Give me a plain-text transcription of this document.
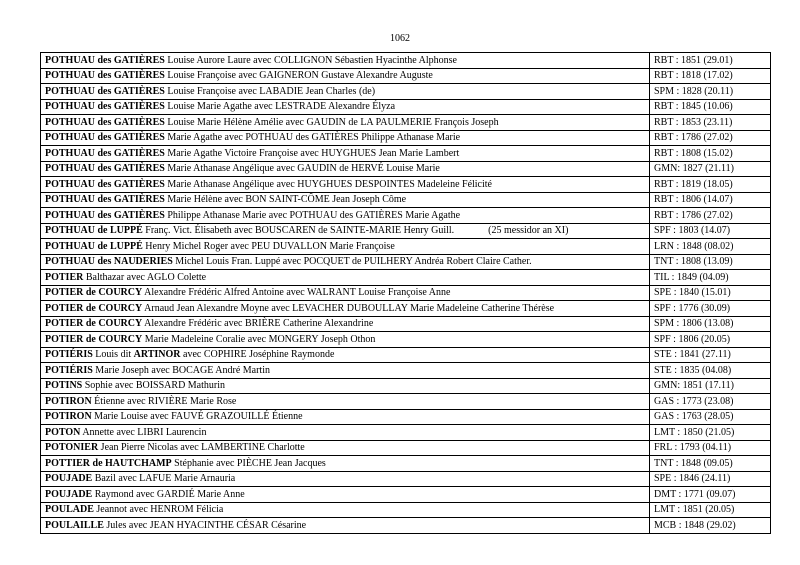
1062
POTHUAU des GATIÈRES Louise Aurore Laure avec COLLIGNON Sébastien Hyacinthe Alphonse	RBT : 1851 (29.01)
POTHUAU des GATIÈRES Louise Françoise avec GAIGNERON Gustave Alexandre Auguste	RBT : 1818 (17.02)
POTHUAU des GATIÈRES Louise Françoise avec LABADIE Jean Charles (de)	SPM : 1828 (20.11)
POTHUAU des GATIÈRES Louise Marie Agathe avec LESTRADE Alexandre Élyza	RBT : 1845 (10.06)
POTHUAU des GATIÈRES Louise Marie Hélène Amélie avec GAUDIN de LA PAULMERIE François Joseph	RBT : 1853 (23.11)
POTHUAU des GATIÈRES Marie Agathe avec POTHUAU des GATIÈRES Philippe Athanase Marie	RBT : 1786 (27.02)
POTHUAU des GATIÈRES Marie Agathe Victoire Françoise avec HUYGHUES Jean Marie Lambert	RBT : 1808 (15.02)
POTHUAU des GATIÈRES Marie Athanase Angélique avec GAUDIN de HERVÉ Louise Marie	GMN: 1827 (21.11)
POTHUAU des GATIÈRES Marie Athanase Angélique avec HUYGHUES DESPOINTES Madeleine Félicité	RBT : 1819 (18.05)
POTHUAU des GATIÈRES Marie Hélène avec BON SAINT-CÔME Jean Joseph Côme	RBT : 1806 (14.07)
POTHUAU des GATIÈRES Philippe Athanase Marie avec POTHUAU des GATIÈRES Marie Agathe	RBT : 1786 (27.02)
POTHUAU de LUPPÉ Franç. Vict. Élisabeth avec BOUSCAREN de SAINTE-MARIE Henry Guill. (25 messidor an XI)	SPF : 1803 (14.07)
POTHUAU de LUPPÉ Henry Michel Roger avec PEU DUVALLON Marie Françoise	LRN : 1848 (08.02)
POTHUAU des NAUDERIES Michel Louis Fran. Luppé avec POCQUET de PUILHERY Andréa Robert Claire Cather.	TNT : 1808 (13.09)
POTIER Balthazar avec AGLO Colette	TIL : 1849 (04.09)
POTIER de COURCY Alexandre Frédéric Alfred Antoine avec WALRANT Louise Françoise Anne	SPE : 1840 (15.01)
POTIER de COURCY Arnaud Jean Alexandre Moyne avec LEVACHER DUBOULLAY Marie Madeleine Catherine Thérèse	SPF : 1776 (30.09)
POTIER de COURCY Alexandre Frédéric avec BRIÈRE Catherine Alexandrine	SPM : 1806 (13.08)
POTIER de COURCY Marie Madeleine Coralie avec MONGERY Joseph Othon	SPF : 1806 (20.05)
POTIÉRIS Louis dit ARTINOR avec COPHIRE Joséphine Raymonde	STE : 1841 (27.11)
POTIÉRIS Marie Joseph avec BOCAGE André Martin	STE : 1835 (04.08)
POTINS Sophie avec BOISSARD Mathurin	GMN: 1851 (17.11)
POTIRON Étienne avec RIVIÈRE Marie Rose	GAS : 1773 (23.08)
POTIRON Marie Louise avec FAUVÉ GRAZOUILLÉ Étienne	GAS : 1763 (28.05)
POTON Annette avec LIBRI Laurencin	LMT : 1850 (21.05)
POTONIER Jean Pierre Nicolas avec LAMBERTINE Charlotte	FRL : 1793 (04.11)
POTTIER de HAUTCHAMP Stéphanie avec PIÈCHE Jean Jacques	TNT : 1848 (09.05)
POUJADE Bazil avec LAFUE Marie Arnauria	SPE : 1846 (24.11)
POUJADE Raymond avec GARDIÉ Marie Anne	DMT : 1771 (09.07)
POULADE Jeannot avec HENROM Félicia	LMT : 1851 (20.05)
POULAILLE Jules avec JEAN HYACINTHE CÉSAR Césarine	MCB : 1848 (29.02)
